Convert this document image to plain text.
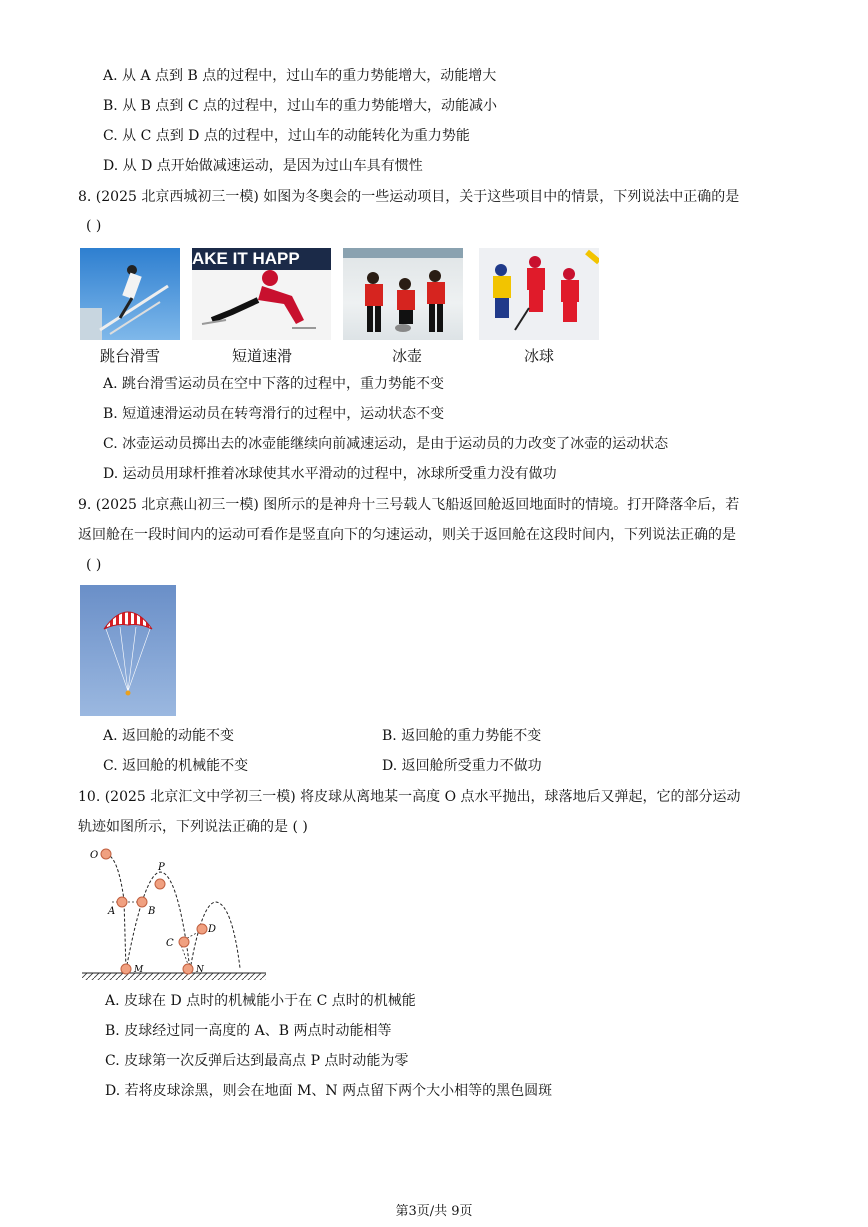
A. 从 A 点到 B 点的过程中，过山车的重力势能增大，动能增大
B. 从 B 点到 C 点的过程中，过山车的重力势能增大，动能减小
C. 从 C 点到 D 点的过程中，过山车的动能转化为重力势能
D. 从 D 点开始做减速运动，是因为过山车具有惯性
8. (2025 北京西城初三一模) 如图为冬奥会的一些运动项目，关于这些项目中的情景，下列说法中正确的是
( )
跳台滑雪
AKE IT HAPP
短道速滑	冰壶	冰球
A. 跳台滑雪运动员在空中下落的过程中，重力势能不变
B. 短道速滑运动员在转弯滑行的过程中，运动状态不变
C. 冰壶运动员掷出去的冰壶能继续向前减速运动，是由于运动员的力改变了冰壶的运动状态
D. 运动员用球杆推着冰球使其水平滑动的过程中，冰球所受重力没有做功
9. (2025 北京燕山初三一模) 图所示的是神舟十三号载人飞船返回舱返回地面时的情境。打开降落伞后，若
返回舱在一段时间内的运动可看作是竖直向下的匀速运动，则关于返回舱在这段时间内，下列说法正确的是
( )
A. 返回舱的动能不变	B. 返回舱的重力势能不变
C. 返回舱的机械能不变	D. 返回舱所受重力不做功
10. (2025 北京汇文中学初三一模) 将皮球从离地某一高度 O 点水平抛出，球落地后又弹起，它的部分运动
轨迹如图所示，下列说法正确的是 ( )
O
P
A	B
C
D
M	N
A. 皮球在 D 点时的机械能小于在 C 点时的机械能
B. 皮球经过同一高度的 A、B 两点时动能相等
C. 皮球第一次反弹后达到最高点 P 点时动能为零
D. 若将皮球涂黑，则会在地面 M、N 两点留下两个大小相等的黑色圆斑
第3页/共 9页
